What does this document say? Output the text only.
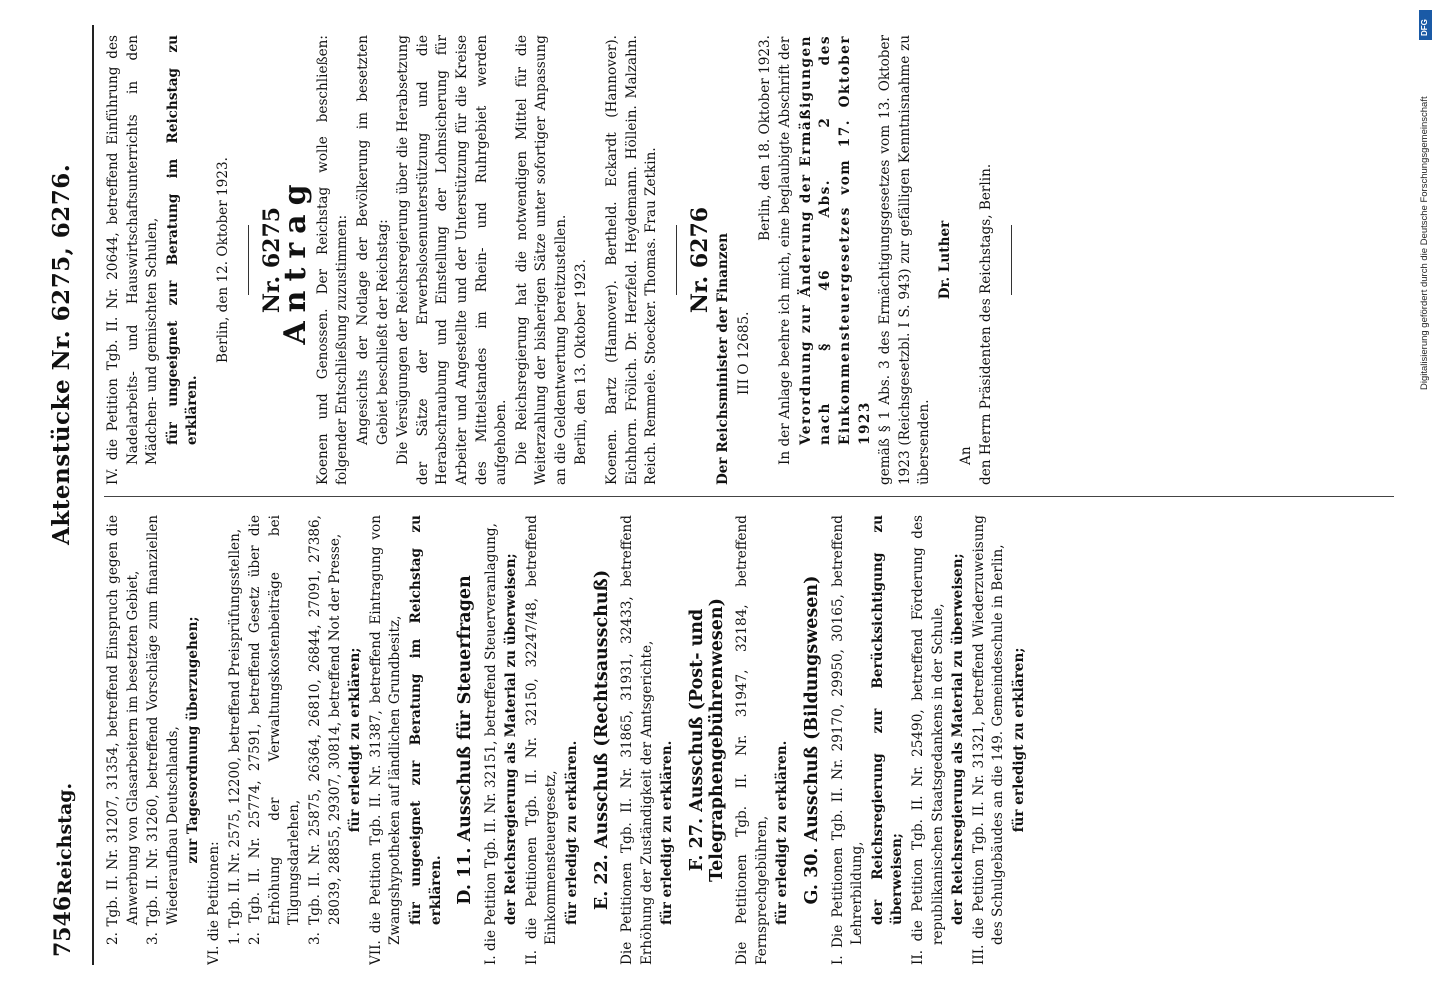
7546
Reichstag.
Aktenstücke Nr. 6275, 6276.

2. Tgb. II. Nr. 31207, 31354, betreffend Einspruch gegen die Anwerbung von Glasarbeitern im besetzten Gebiet, 3. Tgb. II. Nr. 31260, betreffend Vorschläge zum finanziellen Wiederaufbau Deutschlands, zur Tagesordnung überzugehen;

VI. die Petitionen: 1. Tgb. II. Nr. 2575, 12200, betreffend Preisprüfungsstellen, 2. Tgb. II. Nr. 25774, 27591, betreffend Gesetz über die Erhöhung der Verwaltungskostenbeiträge bei Tilgungsdarlehen, 3. Tgb. II. Nr. 25875, 26364, 26810, 26844, 27091, 27386, 28039, 28855, 29307, 30814, betreffend Not der Presse, für erledigt zu erklären; VII. die Petition Tgb. II. Nr. 31387, betreffend Eintragung von Zwangshypotheken auf ländlichen Grundbesitz, für ungeeignet zur Beratung im Reichstag zu erklären. D. 11. Ausschuß für Steuerfragen I. die Petition Tgb. II. Nr. 32151, betreffend Steuerveranlagung, der Reichsregierung als Material zu überweisen; II. die Petitionen Tgb. II. Nr. 32150, 32247/48, betreffend Einkommensteuergesetz, für erledigt zu erklären. E. 22. Ausschuß (Rechtsausschuß) Die Petitionen Tgb. II. Nr. 31865, 31931, 32433, betreffend Erhöhung der Zuständigkeit der Amtsgerichte, für erledigt zu erklären. F. 27. Ausschuß (Post- und Telegraphengebührenwesen) Die Petitionen Tgb. II. Nr. 31947, 32184, betreffend Fernsprechgebühren, für erledigt zu erklären. G. 30. Ausschuß (Bildungswesen) I. Die Petitionen Tgb. II. Nr. 29170, 29950, 30165, betreffend Lehrerbildung, der Reichsregierung zur Berücksichtigung zu überweisen; II. die Petition Tgb. II. Nr. 25490, betreffend Förderung des republikanischen Staatsgedankens in der Schule, der Reichsregierung als Material zu überweisen; III. die Petition Tgb. II. Nr. 31321, betreffend Wiederzuweisung des Schulgebäudes an die 149. Gemeindeschule in Berlin, für erledigt zu erklären;

IV. die Petition Tgb. II. Nr. 20644, betreffend Einführung des Nadelarbeits- und Hauswirtschaftsunterrichts in den Mädchen- und gemischten Schulen, für ungeeignet zur Beratung im Reichstag zu erklären.

Berlin, den 12. Oktober 1923. Nr. 6275
Antrag Koenen und Genossen. Der Reichstag wolle beschließen: folgender Entschließung zuzustimmen: Angesichts der Notlage der Bevölkerung im besetzten Gebiet beschließt der Reichstag: Die Versügungen der Reichsregierung über die Herabsetzung der Sätze der Erwerbslosenunterstützung und die Herabschraubung und Einstellung der Lohnsicherung für Arbeiter und Angestellte und der Unterstützung für die Kreise des Mittelstandes im Rhein- und Ruhrgebiet werden aufgehoben. Die Reichsregierung hat die notwendigen Mittel für die Weiterzahlung der bisherigen Sätze unter sofortiger Anpassung an die Geldentwertung bereitzustellen. Berlin, den 13. Oktober 1923. Koenen. Bartz (Hannover). Bertheld. Eckardt (Hannover). Eichhorn. Frölich. Dr. Herzfeld. Heydemann. Höllein. Malzahn. Reich. Remmele. Stoecker. Thomas. Frau Zetkin. Nr. 6276 Der Reichsminister der Finanzen III O 12685.

Berlin, den 18. Oktober 1923. In der Anlage beehre ich mich, eine beglaubigte Abschrift der Verordnung zur Änderung der Ermäßigungen nach § 46 Abs. 2 des Einkommensteuergesetzes vom 17. Oktober 1923 gemäß § 1 Abs. 3 des Ermächtigungsgesetzes vom 13. Oktober 1923 (Reichsgesetzbl. I S. 943) zur gefälligen Kenntnisnahme zu übersenden.

Dr. Luther

An den Herrn Präsidenten des Reichstags, Berlin.

DFG
Digitalisierung gefördert durch die Deutsche Forschungsgemeinschaft
